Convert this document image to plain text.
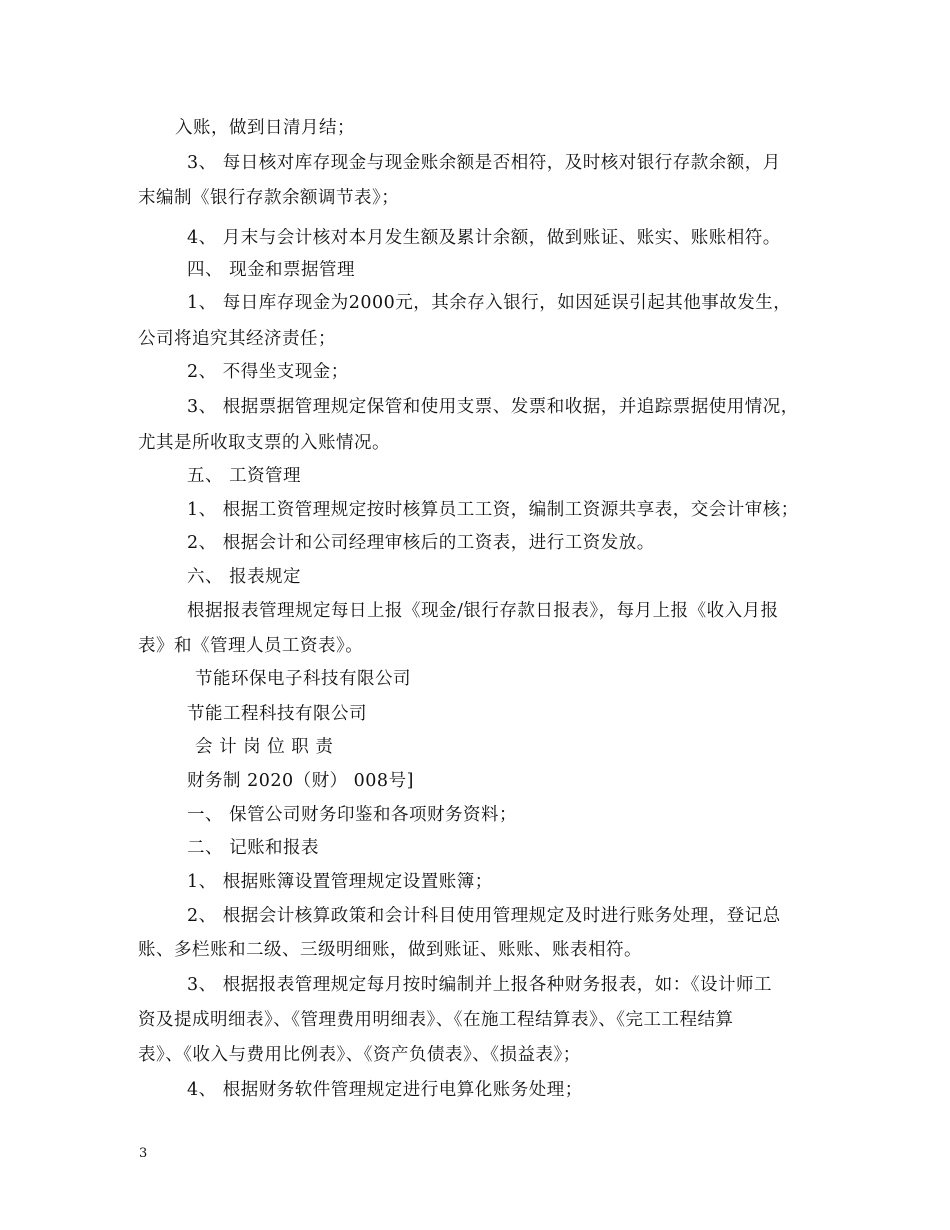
入账，做到日清月结；
3、 每日核对库存现金与现金账余额是否相符，及时核对银行存款余额，月
末编制《银行存款余额调节表》；
4、 月末与会计核对本月发生额及累计余额，做到账证、账实、账账相符。
四、 现金和票据管理
1、 每日库存现金为2000元，其余存入银行，如因延误引起其他事故发生，
公司将追究其经济责任；
2、 不得坐支现金；
3、 根据票据管理规定保管和使用支票、发票和收据，并追踪票据使用情况，
尤其是所收取支票的入账情况。
五、 工资管理
1、 根据工资管理规定按时核算员工工资，编制工资源共享表，交会计审核；
2、 根据会计和公司经理审核后的工资表，进行工资发放。
六、 报表规定
根据报表管理规定每日上报《现金/银行存款日报表》，每月上报《收入月报
表》和《管理人员工资表》。
节能环保电子科技有限公司
节能工程科技有限公司
会 计 岗 位 职 责
财务制 2020（财） 008号]
一、 保管公司财务印鉴和各项财务资料；
二、 记账和报表
1、 根据账簿设置管理规定设置账簿；
2、 根据会计核算政策和会计科目使用管理规定及时进行账务处理，登记总
账、多栏账和二级、三级明细账，做到账证、账账、账表相符。
3、 根据报表管理规定每月按时编制并上报各种财务报表，如：《设计师工
资及提成明细表》、《管理费用明细表》、《在施工程结算表》、《完工工程结算
表》、《收入与费用比例表》、《资产负债表》、《损益表》；
4、 根据财务软件管理规定进行电算化账务处理；
3
